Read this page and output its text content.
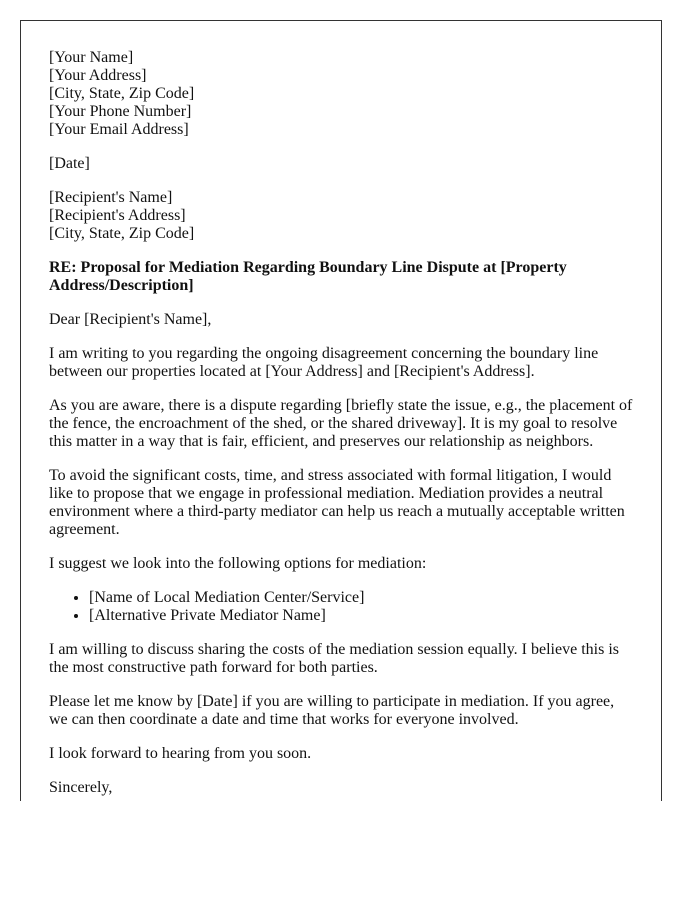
[Your Name]
[Your Address]
[City, State, Zip Code]
[Your Phone Number]
[Your Email Address]

[Date]

[Recipient's Name]
[Recipient's Address]
[City, State, Zip Code]

RE: Proposal for Mediation Regarding Boundary Line Dispute at [Property Address/Description]

Dear [Recipient's Name],

I am writing to you regarding the ongoing disagreement concerning the boundary line between our properties located at [Your Address] and [Recipient's Address].

As you are aware, there is a dispute regarding [briefly state the issue, e.g., the placement of the fence, the encroachment of the shed, or the shared driveway]. It is my goal to resolve this matter in a way that is fair, efficient, and preserves our relationship as neighbors.

To avoid the significant costs, time, and stress associated with formal litigation, I would like to propose that we engage in professional mediation. Mediation provides a neutral environment where a third-party mediator can help us reach a mutually acceptable written agreement.

I suggest we look into the following options for mediation:

• [Name of Local Mediation Center/Service]
• [Alternative Private Mediator Name]

I am willing to discuss sharing the costs of the mediation session equally. I believe this is the most constructive path forward for both parties.

Please let me know by [Date] if you are willing to participate in mediation. If you agree, we can then coordinate a date and time that works for everyone involved.

I look forward to hearing from you soon.

Sincerely,
